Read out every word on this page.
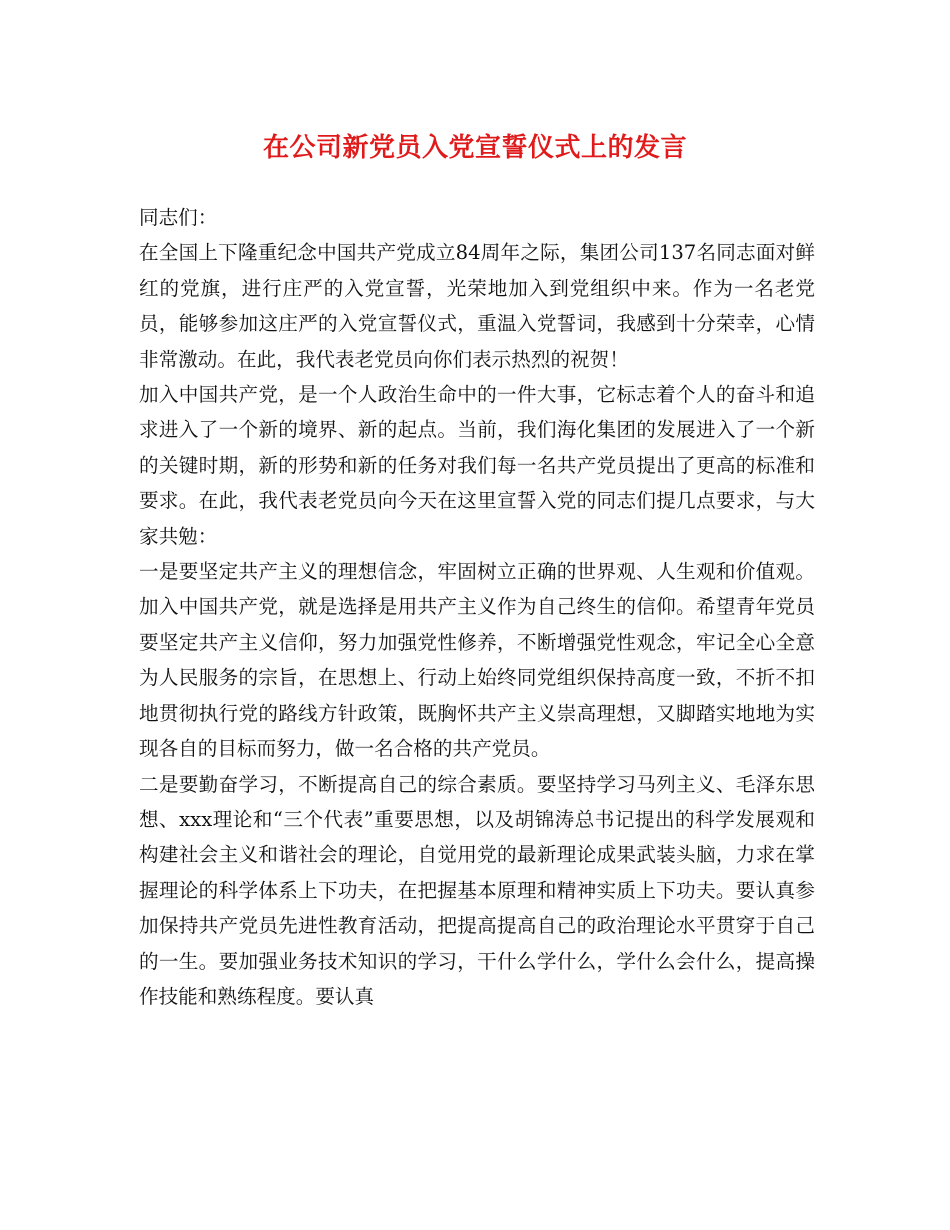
在公司新党员入党宣誓仪式上的发言

同志们：

在全国上下隆重纪念中国共产党成立84周年之际，集团公司137名同志面对鲜红的党旗，进行庄严的入党宣誓，光荣地加入到党组织中来。作为一名老党员，能够参加这庄严的入党宣誓仪式，重温入党誓词，我感到十分荣幸，心情非常激动。在此，我代表老党员向你们表示热烈的祝贺！

加入中国共产党，是一个人政治生命中的一件大事，它标志着个人的奋斗和追求进入了一个新的境界、新的起点。当前，我们海化集团的发展进入了一个新的关键时期，新的形势和新的任务对我们每一名共产党员提出了更高的标准和要求。在此，我代表老党员向今天在这里宣誓入党的同志们提几点要求，与大家共勉：

一是要坚定共产主义的理想信念，牢固树立正确的世界观、人生观和价值观。加入中国共产党，就是选择是用共产主义作为自己终生的信仰。希望青年党员要坚定共产主义信仰，努力加强党性修养，不断增强党性观念，牢记全心全意为人民服务的宗旨，在思想上、行动上始终同党组织保持高度一致，不折不扣地贯彻执行党的路线方针政策，既胸怀共产主义崇高理想，又脚踏实地地为实现各自的目标而努力，做一名合格的共产党员。

二是要勤奋学习，不断提高自己的综合素质。要坚持学习马列主义、毛泽东思想、xxx理论和“三个代表”重要思想，以及胡锦涛总书记提出的科学发展观和构建社会主义和谐社会的理论，自觉用党的最新理论成果武装头脑，力求在掌握理论的科学体系上下功夫，在把握基本原理和精神实质上下功夫。要认真参加保持共产党员先进性教育活动，把提高提高自己的政治理论水平贯穿于自己的一生。要加强业务技术知识的学习，干什么学什么，学什么会什么，提高操作技能和熟练程度。要认真
